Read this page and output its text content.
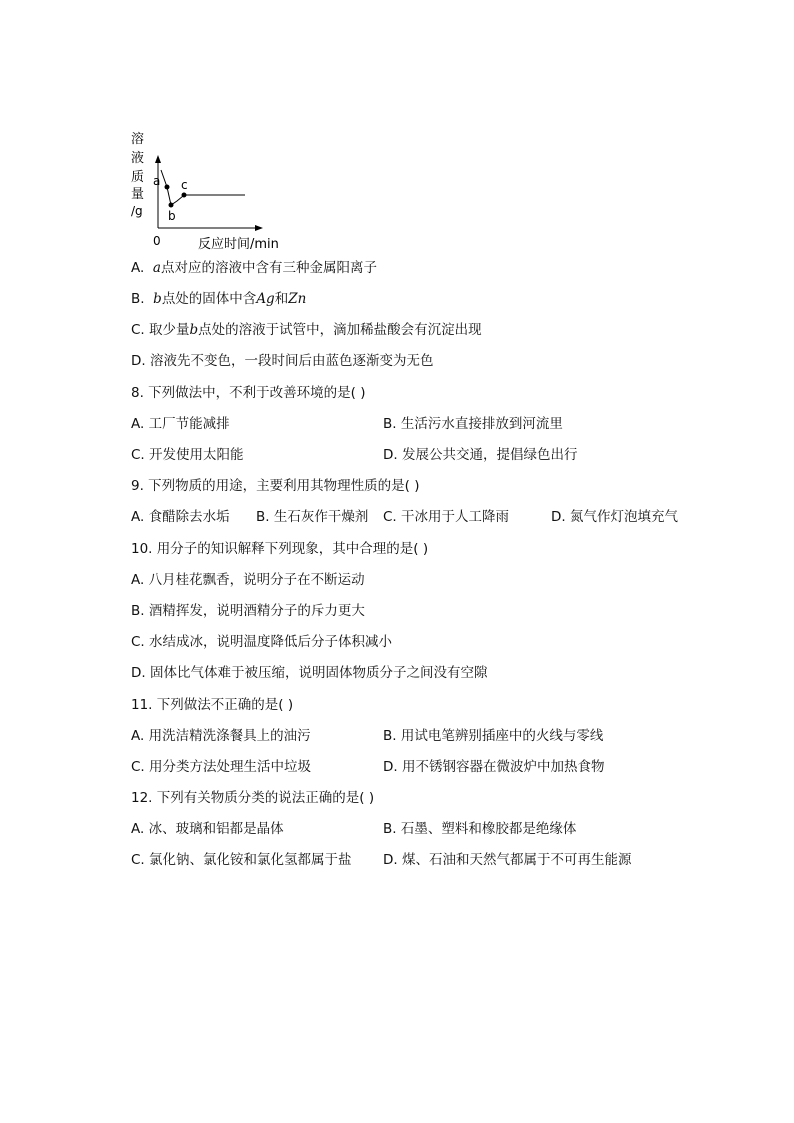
溶
液
质
量
/g
a
b
c
0	反应时间/min
A. a点对应的溶液中含有三种金属阳离子
B. b点处的固体中含Ag和Zn
C. 取少量b点处的溶液于试管中，滴加稀盐酸会有沉淀出现
D. 溶液先不变色，一段时间后由蓝色逐渐变为无色
8. 下列做法中，不利于改善环境的是( )
A. 工厂节能减排	B. 生活污水直接排放到河流里
C. 开发使用太阳能	D. 发展公共交通，提倡绿色出行
9. 下列物质的用途，主要利用其物理性质的是( )
A. 食醋除去水垢 B. 生石灰作干燥剂 C. 干冰用于人工降雨	D. 氮气作灯泡填充气
10. 用分子的知识解释下列现象，其中合理的是( )
A. 八月桂花飘香，说明分子在不断运动
B. 酒精挥发，说明酒精分子的斥力更大
C. 水结成冰，说明温度降低后分子体积减小
D. 固体比气体难于被压缩，说明固体物质分子之间没有空隙
11. 下列做法不正确的是( )
A. 用洗洁精洗涤餐具上的油污	B. 用试电笔辨别插座中的火线与零线
C. 用分类方法处理生活中垃圾	D. 用不锈钢容器在微波炉中加热食物
12. 下列有关物质分类的说法正确的是( )
A. 冰、玻璃和铝都是晶体	B. 石墨、塑料和橡胶都是绝缘体
C. 氯化钠、氯化铵和氯化氢都属于盐 D. 煤、石油和天然气都属于不可再生能源
